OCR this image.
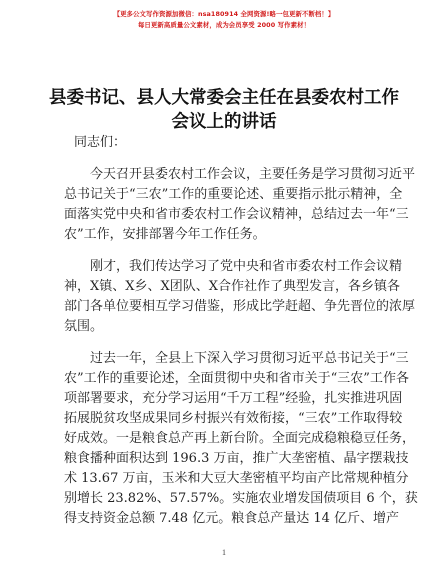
【更多公文写作资源加微信：nsa180914 全网资源!略一包更新不断档！】
每日更新高质量公文素材，成为会员享受 2000 写作素材！
县委书记、县人大常委会主任在县委农村工作
会议上的讲话
同志们：
今天召开县委农村工作会议，主要任务是学习贯彻习近平
总书记关于“三农”工作的重要论述、重要指示批示精神，全
面落实党中央和省市委农村工作会议精神，总结过去一年“三
农”工作，安排部署今年工作任务。
刚才，我们传达学习了党中央和省市委农村工作会议精
神，X镇、X乡、X团队、X合作社作了典型发言，各乡镇各
部门各单位要相互学习借鉴，形成比学赶超、争先晋位的浓厚
氛围。
过去一年，全县上下深入学习贯彻习近平总书记关于“三
农”工作的重要论述，全面贯彻中央和省市关于“三农”工作各
项部署要求，充分学习运用“千万工程”经验，扎实推进巩固
拓展脱贫攻坚成果同乡村振兴有效衔接，“三农”工作取得较
好成效。一是粮食总产再上新台阶。全面完成稳粮稳豆任务，
粮食播种面积达到 196.3 万亩，推广大垄密植、晶字摆栽技
术 13.67 万亩，玉米和大豆大垄密植平均亩产比常规种植分
别增长 23.82%、57.57%。实施农业增发国债项目 6 个，获
得支持资金总额 7.48 亿元。粮食总产量达 14 亿斤、增产
1
